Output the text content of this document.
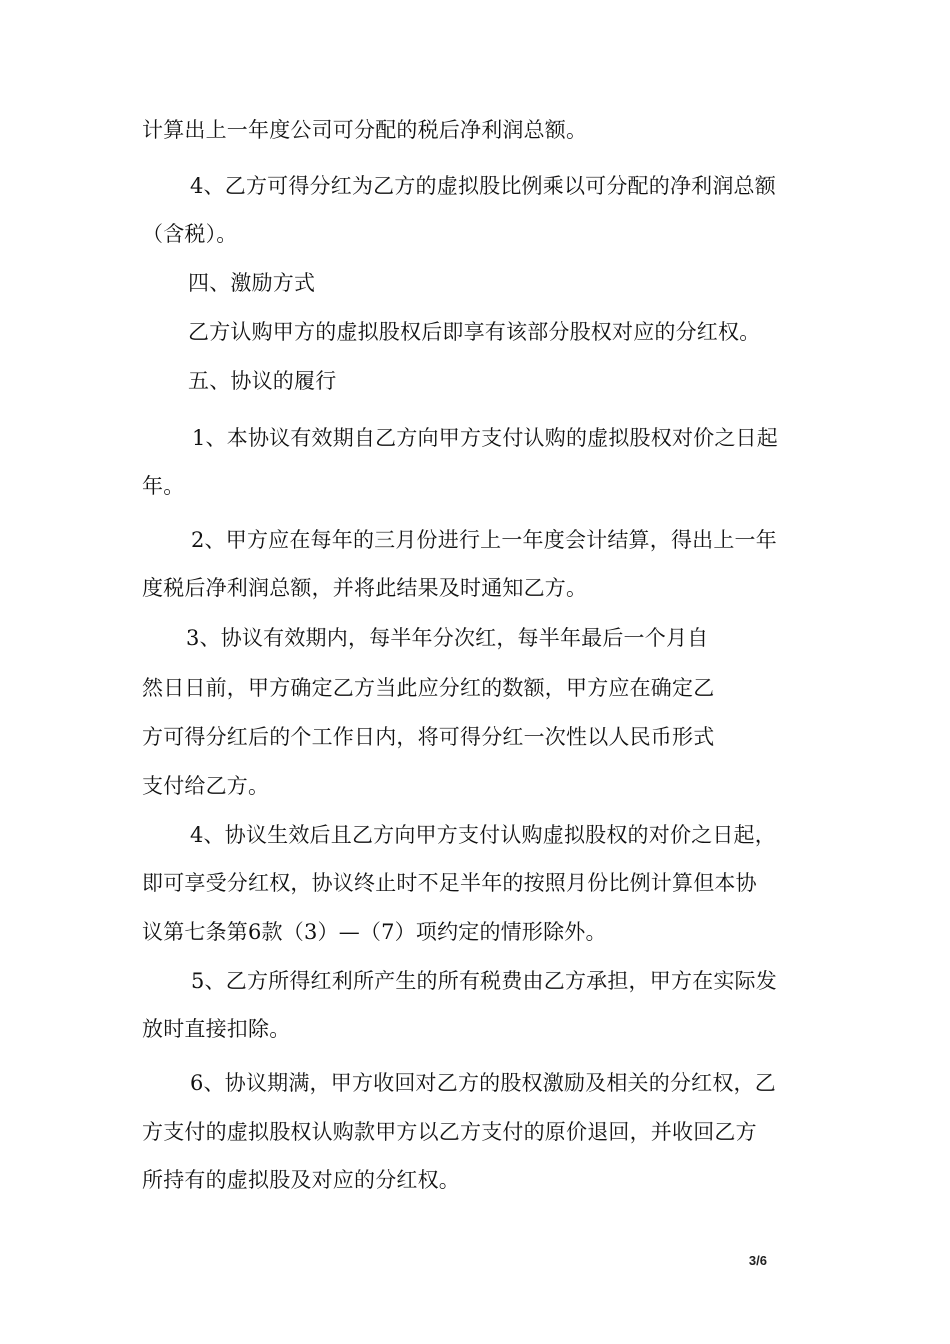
计算出上一年度公司可分配的税后净利润总额。
4、乙方可得分红为乙方的虚拟股比例乘以可分配的净利润总额
（含税）。
四、激励方式
乙方认购甲方的虚拟股权后即享有该部分股权对应的分红权。
五、协议的履行
1、本协议有效期自乙方向甲方支付认购的虚拟股权对价之日起
年。
2、甲方应在每年的三月份进行上一年度会计结算，得出上一年
度税后净利润总额，并将此结果及时通知乙方。
3、协议有效期内，每半年分次红，每半年最后一个月自
然日日前，甲方确定乙方当此应分红的数额，甲方应在确定乙
方可得分红后的个工作日内，将可得分红一次性以人民币形式
支付给乙方。
4、协议生效后且乙方向甲方支付认购虚拟股权的对价之日起，
即可享受分红权，协议终止时不足半年的按照月份比例计算但本协
议第七条第6款（3）—（7）项约定的情形除外。
5、乙方所得红利所产生的所有税费由乙方承担，甲方在实际发
放时直接扣除。
6、协议期满，甲方收回对乙方的股权激励及相关的分红权，乙
方支付的虚拟股权认购款甲方以乙方支付的原价退回，并收回乙方
所持有的虚拟股及对应的分红权。
3/6
